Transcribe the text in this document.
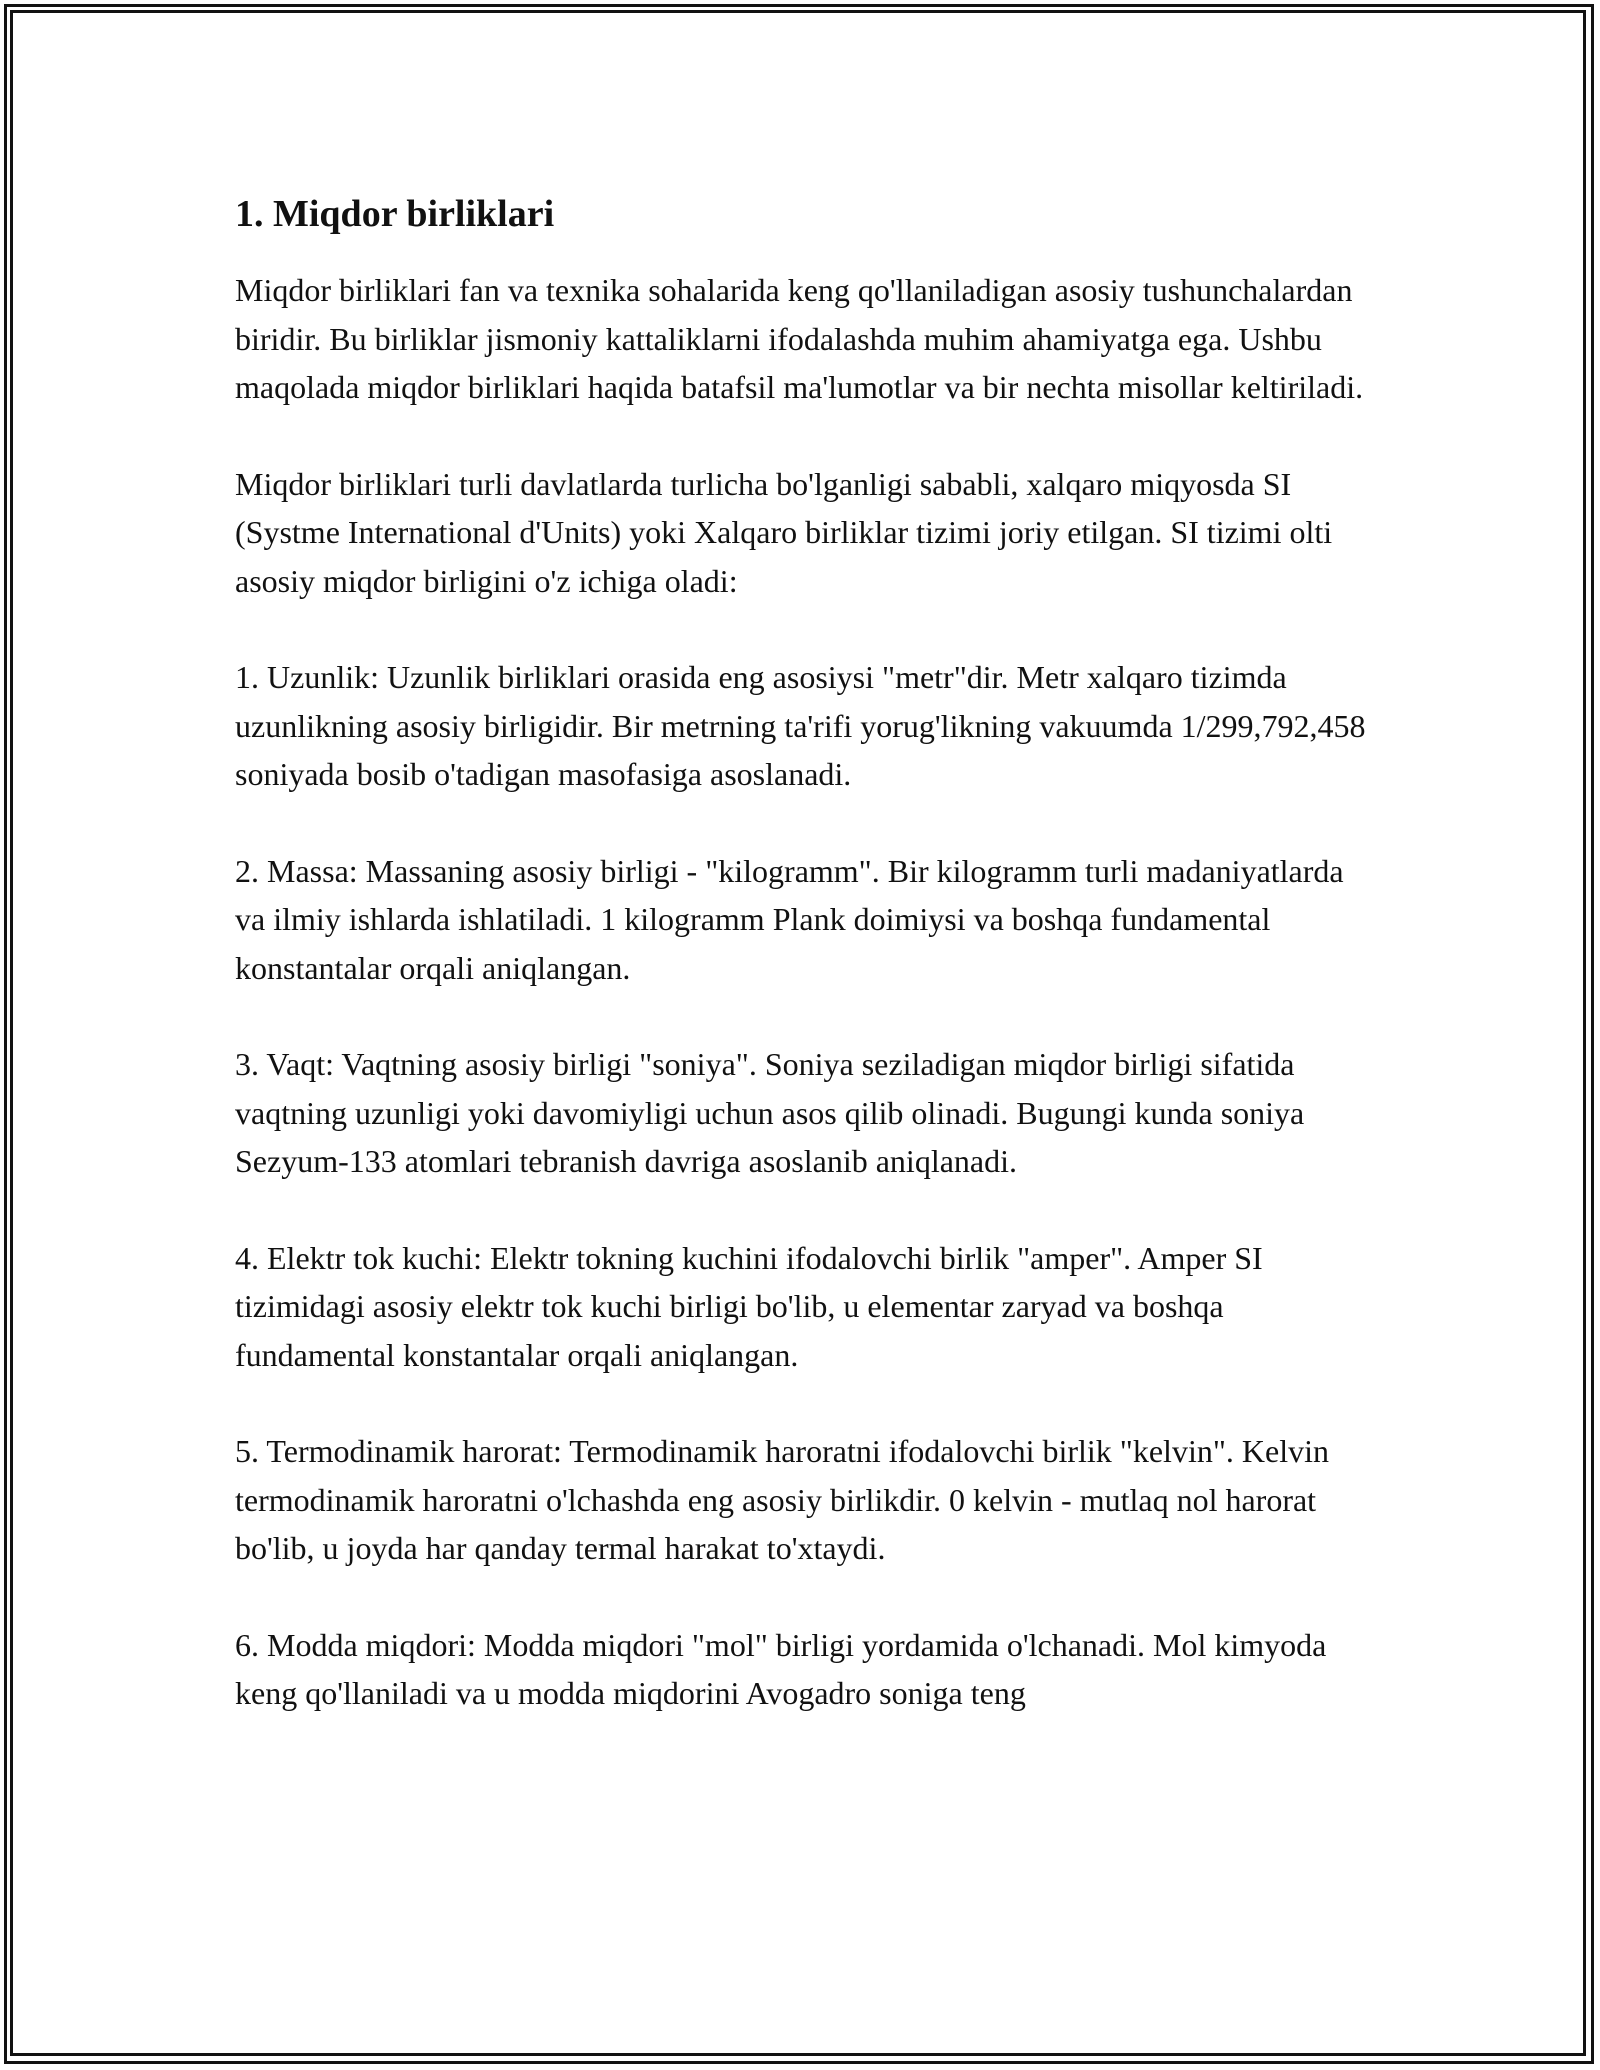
1. Miqdor birliklari

Miqdor birliklari fan va texnika sohalarida keng qo'llaniladigan asosiy tushunchalardan biridir. Bu birliklar jismoniy kattaliklarni ifodalashda muhim ahamiyatga ega. Ushbu maqolada miqdor birliklari haqida batafsil ma'lumotlar va bir nechta misollar keltiriladi.

Miqdor birliklari turli davlatlarda turlicha bo'lganligi sababli, xalqaro miqyosda SI (Systme International d'Units) yoki Xalqaro birliklar tizimi joriy etilgan. SI tizimi olti asosiy miqdor birligini o'z ichiga oladi:

1. Uzunlik: Uzunlik birliklari orasida eng asosiysi "metr"dir. Metr xalqaro tizimda uzunlikning asosiy birligidir. Bir metrning ta'rifi yorug'likning vakuumda 1/299,792,458 soniyada bosib o'tadigan masofasiga asoslanadi.

2. Massa: Massaning asosiy birligi - "kilogramm". Bir kilogramm turli madaniyatlarda va ilmiy ishlarda ishlatiladi. 1 kilogramm Plank doimiysi va boshqa fundamental konstantalar orqali aniqlangan.

3. Vaqt: Vaqtning asosiy birligi "soniya". Soniya seziladigan miqdor birligi sifatida vaqtning uzunligi yoki davomiyligi uchun asos qilib olinadi. Bugungi kunda soniya Sezyum-133 atomlari tebranish davriga asoslanib aniqlanadi.

4. Elektr tok kuchi: Elektr tokning kuchini ifodalovchi birlik "amper". Amper SI tizimidagi asosiy elektr tok kuchi birligi bo'lib, u elementar zaryad va boshqa fundamental konstantalar orqali aniqlangan.

5. Termodinamik harorat: Termodinamik haroratni ifodalovchi birlik "kelvin". Kelvin termodinamik haroratni o'lchashda eng asosiy birlikdir. 0 kelvin - mutlaq nol harorat bo'lib, u joyda har qanday termal harakat to'xtaydi.

6. Modda miqdori: Modda miqdori "mol" birligi yordamida o'lchanadi. Mol kimyoda keng qo'llaniladi va u modda miqdorini Avogadro soniga teng
